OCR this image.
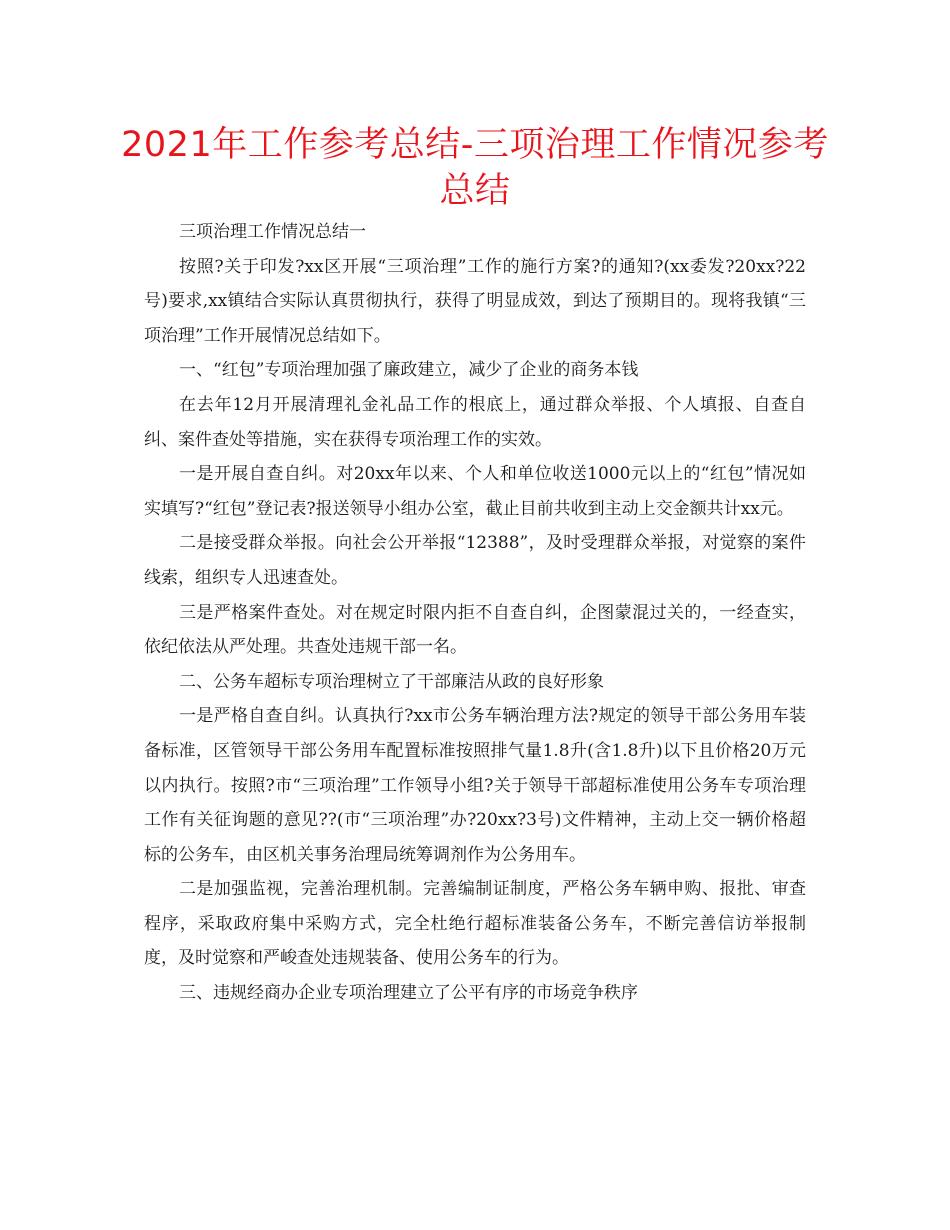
2021年工作参考总结-三项治理工作情况参考总结

三项治理工作情况总结一

按照?关于印发?xx区开展“三项治理”工作的施行方案?的通知?(xx委发?20xx?22号)要求,xx镇结合实际认真贯彻执行，获得了明显成效，到达了预期目的。现将我镇“三项治理”工作开展情况总结如下。

一、“红包”专项治理加强了廉政建立，减少了企业的商务本钱

在去年12月开展清理礼金礼品工作的根底上，通过群众举报、个人填报、自查自纠、案件查处等措施，实在获得专项治理工作的实效。

一是开展自查自纠。对20xx年以来、个人和单位收送1000元以上的“红包”情况如实填写?“红包”登记表?报送领导小组办公室，截止目前共收到主动上交金额共计xx元。

二是接受群众举报。向社会公开举报“12388”，及时受理群众举报，对觉察的案件线索，组织专人迅速查处。

三是严格案件查处。对在规定时限内拒不自查自纠，企图蒙混过关的，一经查实，依纪依法从严处理。共查处违规干部一名。

二、公务车超标专项治理树立了干部廉洁从政的良好形象

一是严格自查自纠。认真执行?xx市公务车辆治理方法?规定的领导干部公务用车装备标准，区管领导干部公务用车配置标准按照排气量1.8升(含1.8升)以下且价格20万元以内执行。按照?市“三项治理”工作领导小组?关于领导干部超标准使用公务车专项治理工作有关征询题的意见??(市“三项治理”办?20xx?3号)文件精神，主动上交一辆价格超标的公务车，由区机关事务治理局统筹调剂作为公务用车。

二是加强监视，完善治理机制。完善编制证制度，严格公务车辆申购、报批、审查程序，采取政府集中采购方式，完全杜绝行超标准装备公务车，不断完善信访举报制度，及时觉察和严峻查处违规装备、使用公务车的行为。

三、违规经商办企业专项治理建立了公平有序的市场竞争秩序
